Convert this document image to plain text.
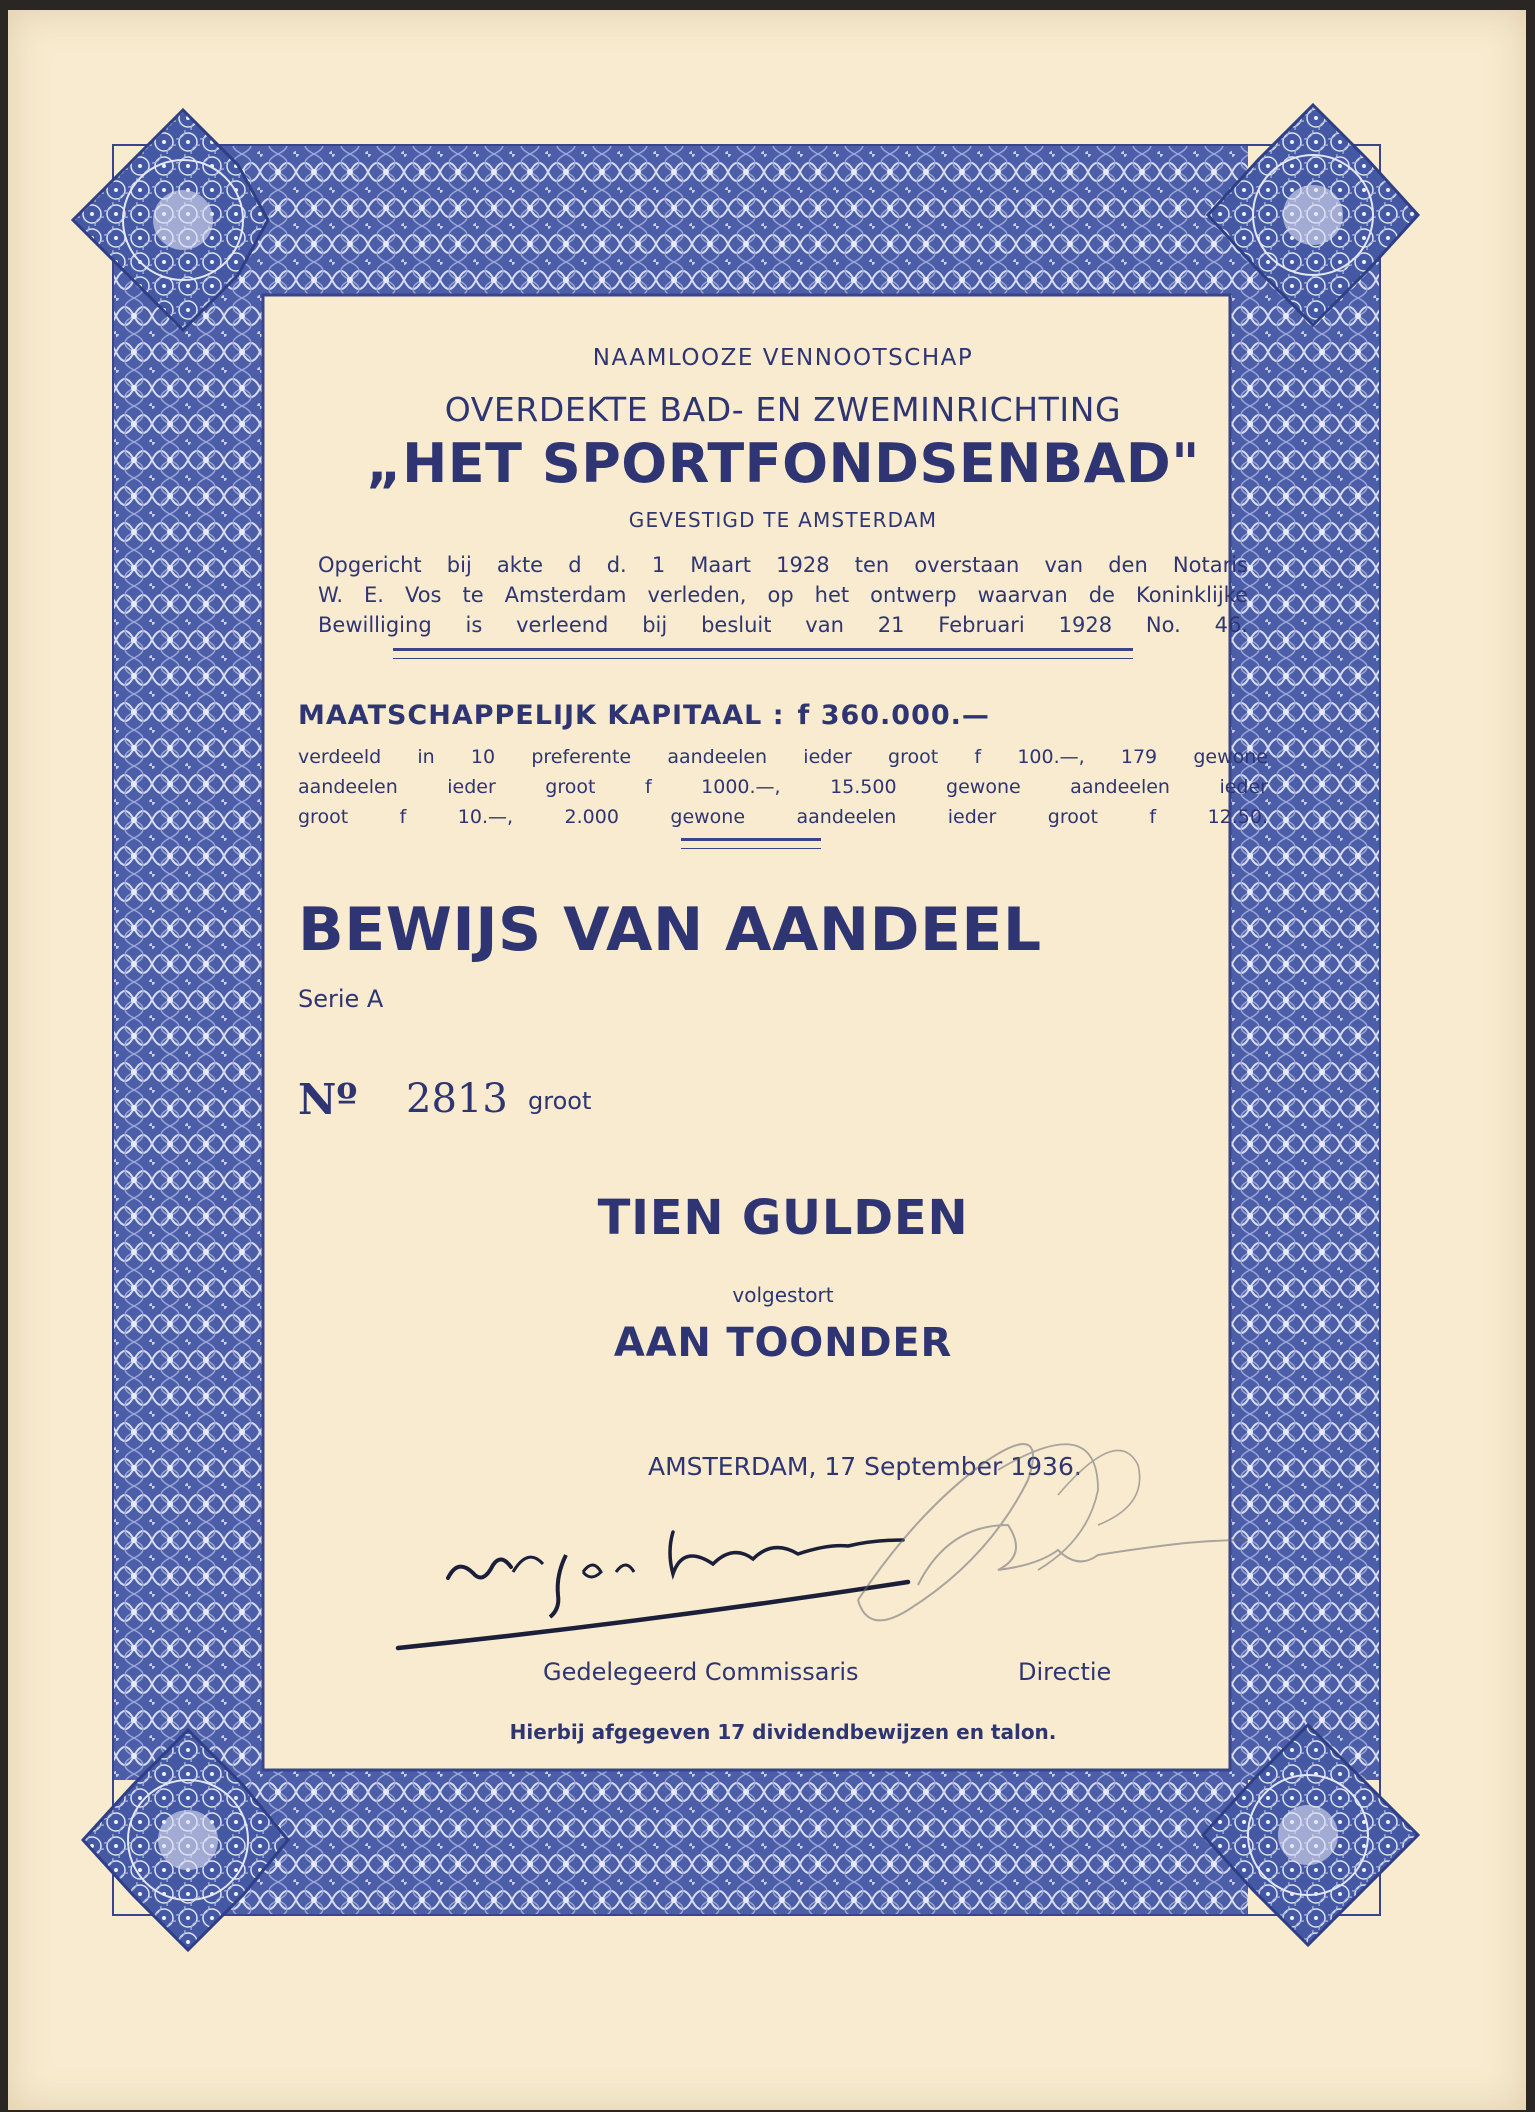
NAAMLOOZE VENNOOTSCHAP
OVERDEKTE BAD- EN ZWEMINRICHTING
„HET SPORTFONDSENBAD"
GEVESTIGD TE AMSTERDAM
Opgericht bij akte d d. 1 Maart 1928 ten overstaan van den Notaris
W. E. Vos te Amsterdam verleden, op het ontwerp waarvan de Koninklijke
Bewilliging is verleend bij besluit van 21 Februari 1928 No. 46.
MAATSCHAPPELIJK KAPITAAL : f 360.000.—
verdeeld in 10 preferente aandeelen ieder groot f 100.—, 179 gewone
aandeelen ieder groot f 1000.—, 15.500 gewone aandeelen ieder
groot f 10.—, 2.000 gewone aandeelen ieder groot f 12.50.
BEWIJS VAN AANDEEL
Serie A
Nº 2813 groot
TIEN GULDEN
volgestort
AAN TOONDER
AMSTERDAM, 17 September 1936.
Gedelegeerd Commissaris	Directie
Hierbij afgegeven 17 dividendbewijzen en talon.
